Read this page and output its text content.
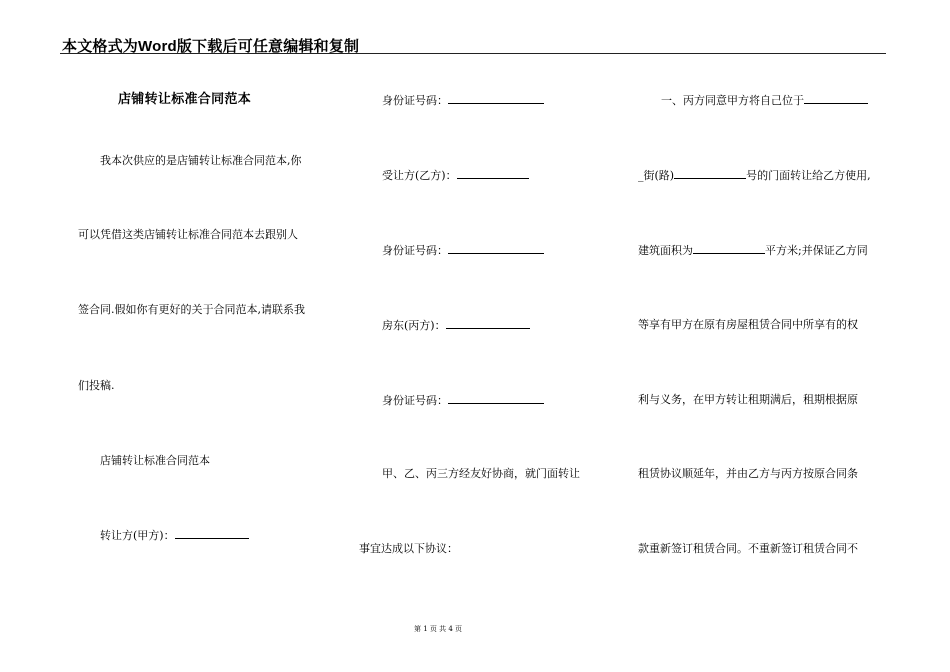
本文格式为Word版下载后可任意编辑和复制
店铺转让标准合同范本
我本次供应的是店铺转让标准合同范本,你
可以凭借这类店铺转让标准合同范本去跟别人
签合同.假如你有更好的关于合同范本,请联系我
们投稿.
店铺转让标准合同范本
转让方(甲方)：
身份证号码：
受让方(乙方)：
身份证号码：
房东(丙方)：
身份证号码：
甲、乙、丙三方经友好协商，就门面转让
事宜达成以下协议：
一、丙方同意甲方将自己位于
_街(路)	号的门面转让给乙方使用,
建筑面积为	平方米;并保证乙方同
等享有甲方在原有房屋租赁合同中所享有的权
利与义务，在甲方转让租期满后，租期根据原
租赁协议顺延年，并由乙方与丙方按原合同条
款重新签订租赁合同。不重新签订租赁合同不
第 1 页 共 4 页
